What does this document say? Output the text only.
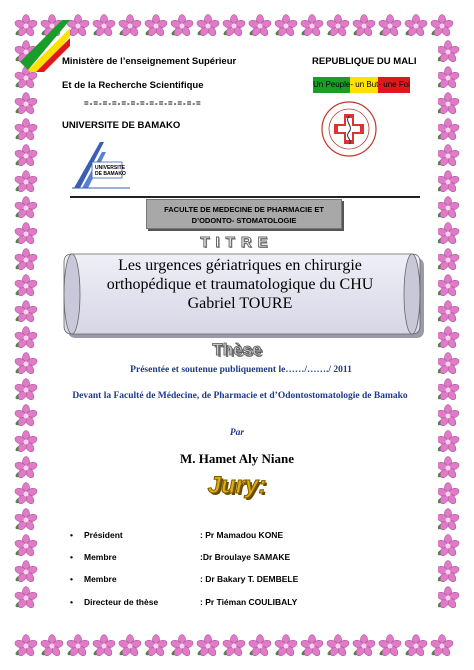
Ministère de l’enseignement Supérieur
Et de la Recherche Scientifique
=-=-=-=-=-=-=-=-=-=-=-=-=
REPUBLIQUE DU MALI
Un Peuple - un But - une Foi
UNIVERSITE DE BAMAKO
UNIVERSITE
DE BAMAKO
FACULTE DE MEDECINE DE PHARMACIE ET
D’ODONTO- STOMATOLOGIE
TITRE
Les urgences gériatriques en chirurgie orthopédique et traumatologique du CHU Gabriel TOURE
Thèse
Présentée et soutenue publiquement le……/……./ 2011
Devant la Faculté de Médecine, de Pharmacie et d’Odontostomatologie de Bamako
Par
M. Hamet Aly Niane
Jury:
• Président	: Pr Mamadou KONE
• Membre	:Dr Broulaye SAMAKE
• Membre	: Dr Bakary T. DEMBELE
• Directeur de thèse	: Pr Tiéman COULIBALY
